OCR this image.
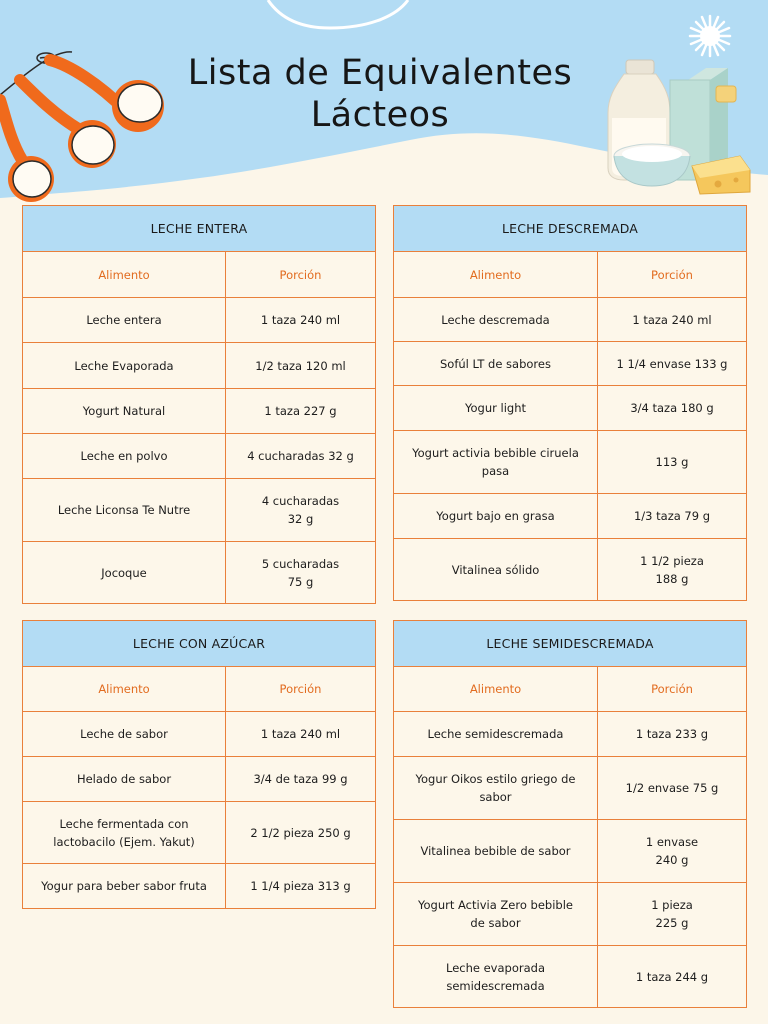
Lista de Equivalentes
Lácteos
LECHE ENTERA	
Alimento	Porción

Leche entera	1 taza 240 ml

Leche Evaporada	1/2 taza 120 ml

Yogurt Natural	1 taza 227 g

Leche en polvo	4 cucharadas 32 g

Leche Liconsa Te Nutre	4 cucharadas
32 g

Jocoque	5 cucharadas
75 g
LECHE DESCREMADA	
Alimento	Porción

Leche descremada	1 taza 240 ml

Sofúl LT de sabores	1 1/4 envase 133 g

Yogur light	3/4 taza 180 g

Yogurt activia bebible ciruela
pasa	113 g

Yogurt bajo en grasa	1/3 taza 79 g

Vitalinea sólido	1 1/2 pieza
188 g
LECHE CON AZÚCAR	
Alimento	Porción

Leche de sabor	1 taza 240 ml

Helado de sabor	3/4 de taza 99 g

Leche fermentada con
lactobacilo (Ejem. Yakut)	2 1/2 pieza 250 g

Yogur para beber sabor fruta	1 1/4 pieza 313 g
LECHE SEMIDESCREMADA	
Alimento	Porción

Leche semidescremada	1 taza 233 g

Yogur Oikos estilo griego de
sabor	1/2 envase 75 g

Vitalinea bebible de sabor	1 envase
240 g

Yogurt Activia Zero bebible
de sabor	1 pieza
225 g

Leche evaporada
semidescremada	1 taza 244 g
